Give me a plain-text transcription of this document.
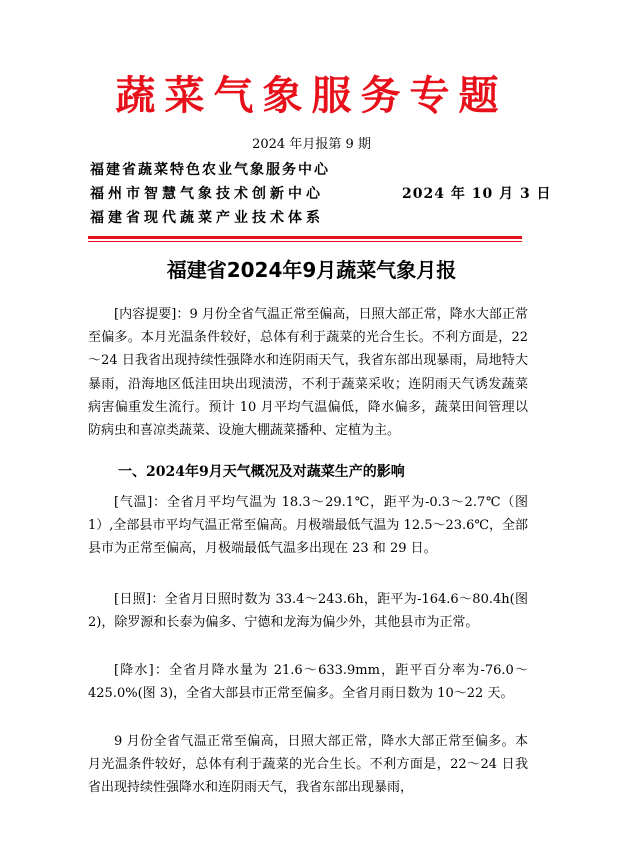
蔬菜气象服务专题
2024 年月报第 9 期
福建省蔬菜特色农业气象服务中心
福州市智慧气象技术创新中心	2024 年 10 月 3 日
福建省现代蔬菜产业技术体系
福建省2024年9月蔬菜气象月报
[内容提要]：9 月份全省气温正常至偏高，日照大部正常，降水大部正常至偏多。本月光温条件较好，总体有利于蔬菜的光合生长。不利方面是，22～24 日我省出现持续性强降水和连阴雨天气，我省东部出现暴雨，局地特大暴雨，沿海地区低洼田块出现渍涝，不利于蔬菜采收；连阴雨天气诱发蔬菜病害偏重发生流行。预计 10 月平均气温偏低，降水偏多，蔬菜田间管理以防病虫和喜凉类蔬菜、设施大棚蔬菜播种、定植为主。
一、2024年9月天气概况及对蔬菜生产的影响
[气温]：全省月平均气温为 18.3～29.1℃，距平为-0.3～2.7℃（图 1）,全部县市平均气温正常至偏高。月极端最低气温为 12.5～23.6℃，全部县市为正常至偏高，月极端最低气温多出现在 23 和 29 日。
[日照]：全省月日照时数为 33.4～243.6h，距平为-164.6～80.4h(图 2)，除罗源和长泰为偏多、宁德和龙海为偏少外，其他县市为正常。
[降水]：全省月降水量为 21.6～633.9mm，距平百分率为-76.0～425.0%(图 3)，全省大部县市正常至偏多。全省月雨日数为 10～22 天。
9 月份全省气温正常至偏高，日照大部正常，降水大部正常至偏多。本月光温条件较好，总体有利于蔬菜的光合生长。不利方面是，22～24 日我省出现持续性强降水和连阴雨天气，我省东部出现暴雨，
